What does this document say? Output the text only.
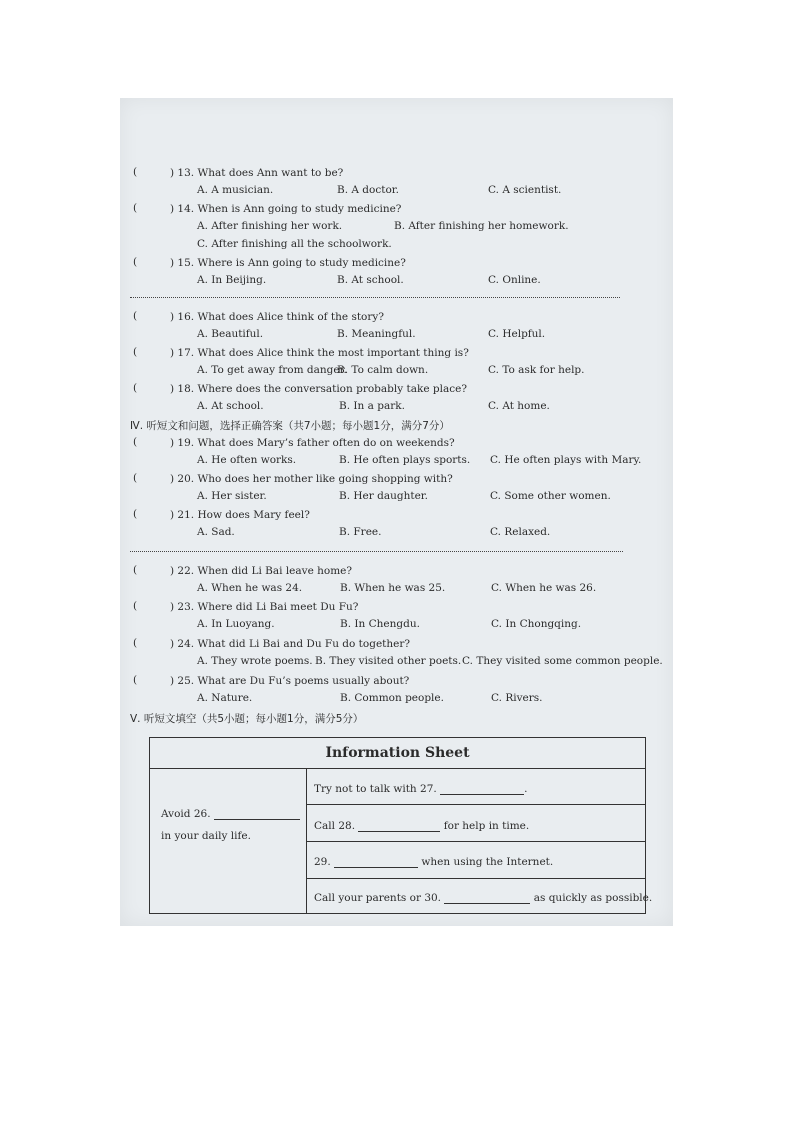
(	) 13. What does Ann want to be?
A. A musician.	B. A doctor.	C. A scientist.
(	) 14. When is Ann going to study medicine?
A. After finishing her work.	B. After finishing her homework.
C. After finishing all the schoolwork.
(	) 15. Where is Ann going to study medicine?
A. In Beijing.	B. At school.	C. Online.
(	) 16. What does Alice think of the story?
A. Beautiful.	B. Meaningful.	C. Helpful.
(	) 17. What does Alice think the most important thing is?
A. To get away from danger.
B. To calm down.	C. To ask for help.
(	) 18. Where does the conversation probably take place?
A. At school.	B. In a park.	C. At home.
(	) 19. What does Mary’s father often do on weekends?
A. He often works.	B. He often plays sports. C. He often plays with Mary.
(	) 20. Who does her mother like going shopping with?
A. Her sister.	B. Her daughter.	C. Some other women.
(	) 21. How does Mary feel?
A. Sad.	B. Free.	C. Relaxed.
(	) 22. When did Li Bai leave home?
A. When he was 24.	B. When he was 25.	C. When he was 26.
(	) 23. Where did Li Bai meet Du Fu?
A. In Luoyang.	B. In Chengdu.	C. In Chongqing.
(	) 24. What did Li Bai and Du Fu do together?
A. They wrote poems. B. They visited other poets. C. They visited some common people.
(	) 25. What are Du Fu’s poems usually about?
A. Nature.	B. Common people.	C. Rivers.
Ⅳ. 听短文和问题，选择正确答案（共7小题；每小题1分，满分7分）
Ⅴ. 听短文填空（共5小题；每小题1分，满分5分）
Information Sheet
Avoid 26.
in your daily life.
Try not to talk with 27.	.
Call 28.	for help in time.
29.	when using the Internet.
Call your parents or 30.	as quickly as possible.
